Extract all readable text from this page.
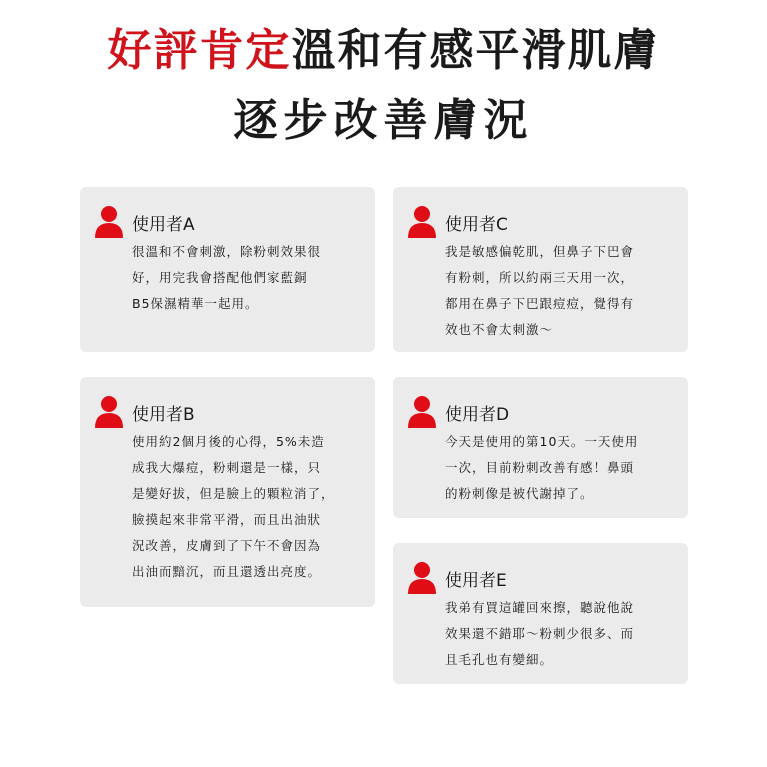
好評肯定溫和有感平滑肌膚
逐步改善膚況
使用者A
很溫和不會刺激，除粉刺效果很
好，用完我會搭配他們家藍銅
B5保濕精華一起用。
使用者C
我是敏感偏乾肌，但鼻子下巴會
有粉刺，所以約兩三天用一次，
都用在鼻子下巴跟痘痘，覺得有
效也不會太刺激～
使用者B
使用約2個月後的心得，5%未造
成我大爆痘，粉刺還是一樣，只
是變好拔，但是臉上的顆粒消了，
臉摸起來非常平滑，而且出油狀
況改善，皮膚到了下午不會因為
出油而黯沉，而且還透出亮度。
使用者D
今天是使用的第10天。一天使用
一次，目前粉刺改善有感！鼻頭
的粉刺像是被代謝掉了。
使用者E
我弟有買這罐回來擦，聽說他說
效果還不錯耶～粉刺少很多、而
且毛孔也有變細。
